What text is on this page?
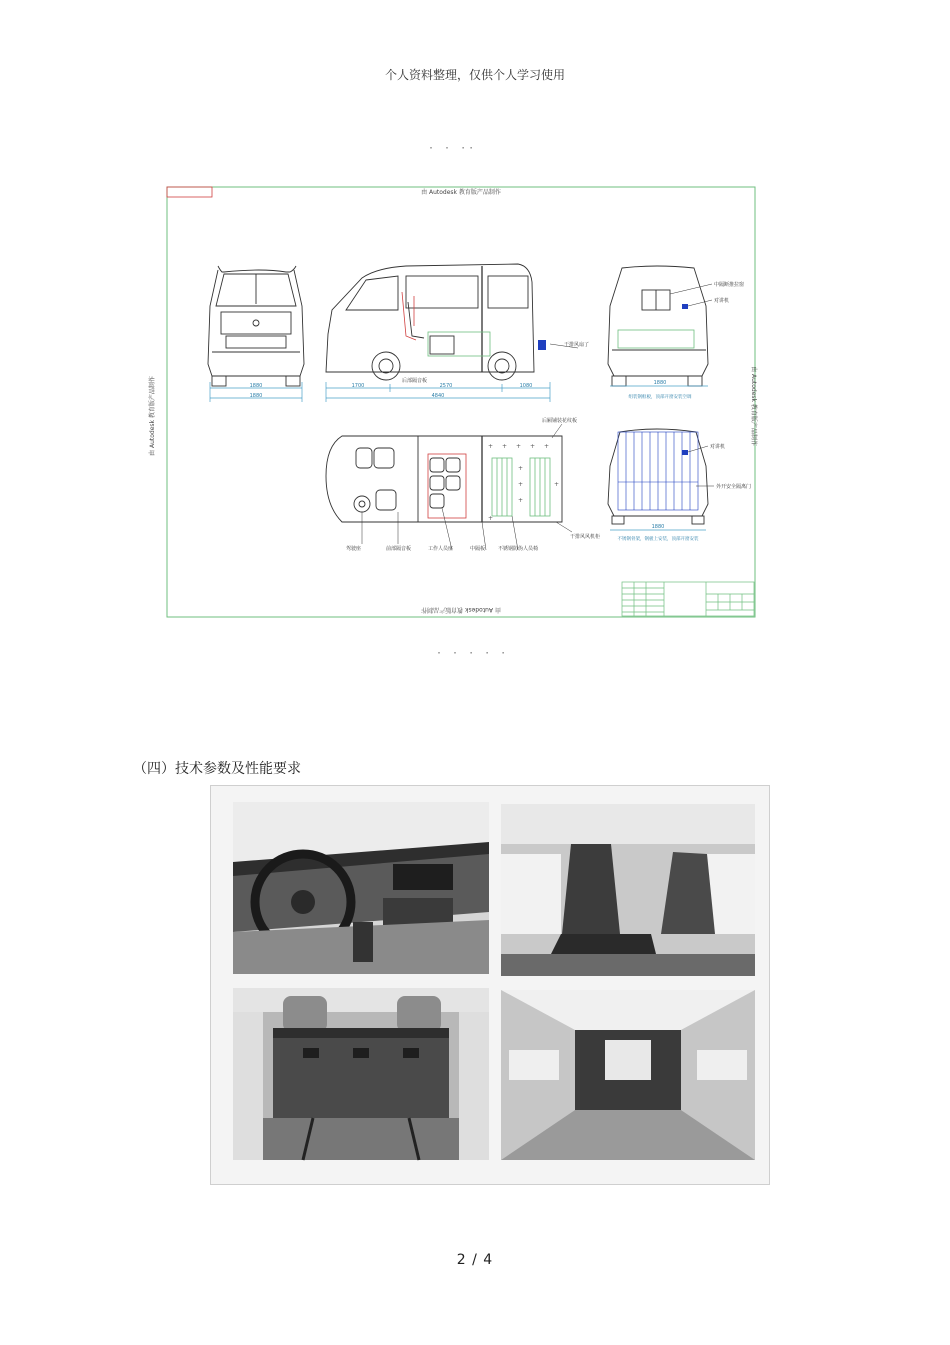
个人资料整理，仅供个人学习使用
· · ··
由 Autodesk 教育版产品制作
由 Autodesk 教育版产品制作
由 Autodesk 教育版产品制作	由 Autodesk 教育版产品制作
1880
1880
1700	2570	1080
4840
后部隔音板
干排风扇了
中隔断推拉窗
对讲机
1880
组装钢框板，顶部开窗安装空调
+ + + + +
+
+
+
+
+
后厢铺装花纹板
干排风风机柜
驾驶座	前部隔音板	工作人员座	中隔板	不锈钢防伪人员椅
对讲机
外开安全隔离门
1880
不锈钢骨架，钢板上安装，顶部开窗安装
· · · · ·
（四）技术参数及性能要求
2 / 4
